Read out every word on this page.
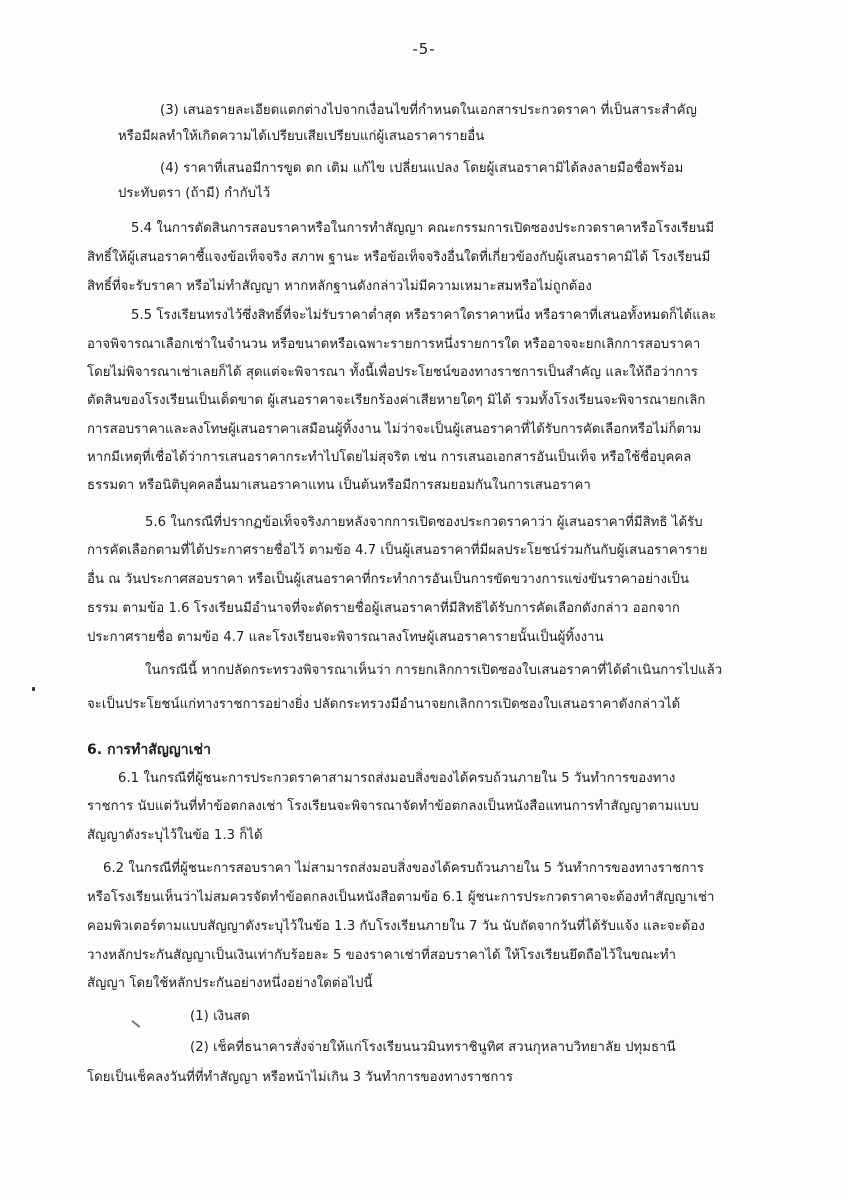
-5-
(3) เสนอรายละเอียดแตกต่างไปจากเงื่อนไขที่กำหนดในเอกสารประกวดราคา ที่เป็นสาระสำคัญ
หรือมีผลทำให้เกิดความได้เปรียบเสียเปรียบแก่ผู้เสนอราคารายอื่น
(4) ราคาที่เสนอมีการขูด ตก เติม แก้ไข เปลี่ยนแปลง โดยผู้เสนอราคามิได้ลงลายมือชื่อพร้อม
ประทับตรา (ถ้ามี) กำกับไว้
5.4 ในการตัดสินการสอบราคาหรือในการทำสัญญา คณะกรรมการเปิดซองประกวดราคาหรือโรงเรียนมี
สิทธิ์ให้ผู้เสนอราคาชี้แจงข้อเท็จจริง สภาพ ฐานะ หรือข้อเท็จจริงอื่นใดที่เกี่ยวข้องกับผู้เสนอราคามิได้ โรงเรียนมี
สิทธิ์ที่จะรับราคา หรือไม่ทำสัญญา หากหลักฐานดังกล่าวไม่มีความเหมาะสมหรือไม่ถูกต้อง
5.5 โรงเรียนทรงไว้ซึ่งสิทธิ์ที่จะไม่รับราคาต่ำสุด หรือราคาใดราคาหนึ่ง หรือราคาที่เสนอทั้งหมดก็ได้และ
อาจพิจารณาเลือกเช่าในจำนวน หรือขนาดหรือเฉพาะรายการหนึ่งรายการใด หรืออาจจะยกเลิกการสอบราคา
โดยไม่พิจารณาเช่าเลยก็ได้ สุดแต่จะพิจารณา ทั้งนี้เพื่อประโยชน์ของทางราชการเป็นสำคัญ และให้ถือว่าการ
ตัดสินของโรงเรียนเป็นเด็ดขาด ผู้เสนอราคาจะเรียกร้องค่าเสียหายใดๆ มิได้ รวมทั้งโรงเรียนจะพิจารณายกเลิก
การสอบราคาและลงโทษผู้เสนอราคาเสมือนผู้ทิ้งงาน ไม่ว่าจะเป็นผู้เสนอราคาที่ได้รับการคัดเลือกหรือไม่ก็ตาม
หากมีเหตุที่เชื่อได้ว่าการเสนอราคากระทำไปโดยไม่สุจริต เช่น การเสนอเอกสารอันเป็นเท็จ หรือใช้ชื่อบุคคล
ธรรมดา หรือนิติบุคคลอื่นมาเสนอราคาแทน เป็นต้นหรือมีการสมยอมกันในการเสนอราคา
5.6 ในกรณีที่ปรากฏข้อเท็จจริงภายหลังจากการเปิดซองประกวดราคาว่า ผู้เสนอราคาที่มีสิทธิ ได้รับ
การคัดเลือกตามที่ได้ประกาศรายชื่อไว้ ตามข้อ 4.7 เป็นผู้เสนอราคาที่มีผลประโยชน์ร่วมกันกับผู้เสนอราคาราย
อื่น ณ วันประกาศสอบราคา หรือเป็นผู้เสนอราคาที่กระทำการอันเป็นการขัดขวางการแข่งขันราคาอย่างเป็น
ธรรม ตามข้อ 1.6 โรงเรียนมีอำนาจที่จะตัดรายชื่อผู้เสนอราคาที่มีสิทธิได้รับการคัดเลือกดังกล่าว ออกจาก
ประกาศรายชื่อ ตามข้อ 4.7 และโรงเรียนจะพิจารณาลงโทษผู้เสนอราคารายนั้นเป็นผู้ทิ้งงาน
ในกรณีนี้ หากปลัดกระทรวงพิจารณาเห็นว่า การยกเลิกการเปิดซองใบเสนอราคาที่ได้ดำเนินการไปแล้ว
จะเป็นประโยชน์แก่ทางราชการอย่างยิ่ง ปลัดกระทรวงมีอำนาจยกเลิกการเปิดซองใบเสนอราคาดังกล่าวได้
6. การทำสัญญาเช่า
6.1 ในกรณีที่ผู้ชนะการประกวดราคาสามารถส่งมอบสิ่งของได้ครบถ้วนภายใน 5 วันทำการของทาง
ราชการ นับแต่วันที่ทำข้อตกลงเช่า โรงเรียนจะพิจารณาจัดทำข้อตกลงเป็นหนังสือแทนการทำสัญญาตามแบบ
สัญญาดังระบุไว้ในข้อ 1.3 ก็ได้
6.2 ในกรณีที่ผู้ชนะการสอบราคา ไม่สามารถส่งมอบสิ่งของได้ครบถ้วนภายใน 5 วันทำการของทางราชการ
หรือโรงเรียนเห็นว่าไม่สมควรจัดทำข้อตกลงเป็นหนังสือตามข้อ 6.1 ผู้ชนะการประกวดราคาจะต้องทำสัญญาเช่า
คอมพิวเตอร์ตามแบบสัญญาดังระบุไว้ในข้อ 1.3 กับโรงเรียนภายใน 7 วัน นับถัดจากวันที่ได้รับแจ้ง และจะต้อง
วางหลักประกันสัญญาเป็นเงินเท่ากับร้อยละ 5 ของราคาเช่าที่สอบราคาได้ ให้โรงเรียนยึดถือไว้ในขณะทำ
สัญญา โดยใช้หลักประกันอย่างหนึ่งอย่างใดต่อไปนี้
(1) เงินสด
(2) เช็คที่ธนาคารสั่งจ่ายให้แก่โรงเรียนนวมินทราชินูทิศ สวนกุหลาบวิทยาลัย ปทุมธานี
โดยเป็นเช็คลงวันที่ที่ทำสัญญา หรือหน้าไม่เกิน 3 วันทำการของทางราชการ
